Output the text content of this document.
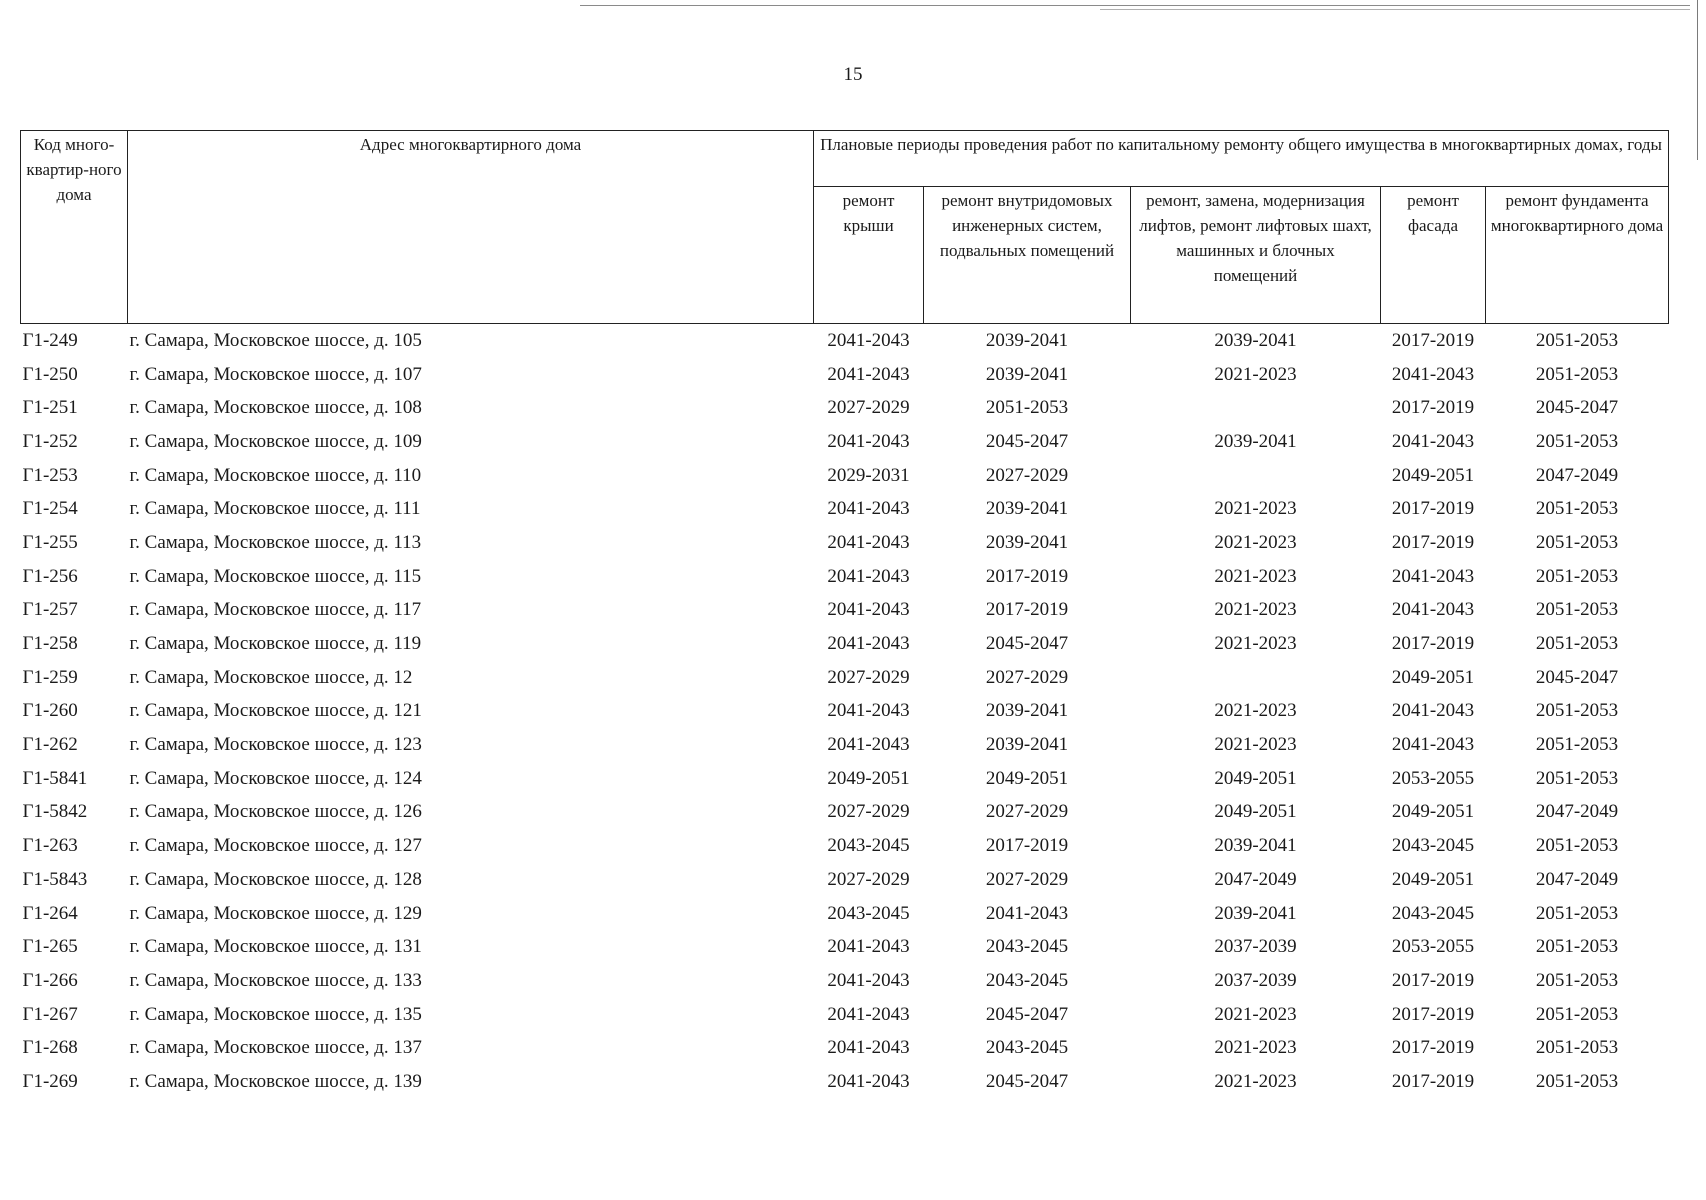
15
Код много-квартир-ного дома	Адрес многоквартирного дома	Плановые периоды проведения работ по капитальному ремонту общего имущества в многоквартирных домах, годы				
		ремонт крыши	ремонт внутридомовых инженерных систем, подвальных помещений	ремонт, замена, модернизация лифтов, ремонт лифтовых шахт, машинных и блочных помещений	ремонт фасада	ремонт фундамента многоквартирного дома
Г1-249	г. Самара, Московское шоссе, д. 105	2041-2043	2039-2041	2039-2041	2017-2019	2051-2053
Г1-250	г. Самара, Московское шоссе, д. 107	2041-2043	2039-2041	2021-2023	2041-2043	2051-2053
Г1-251	г. Самара, Московское шоссе, д. 108	2027-2029	2051-2053		2017-2019	2045-2047
Г1-252	г. Самара, Московское шоссе, д. 109	2041-2043	2045-2047	2039-2041	2041-2043	2051-2053
Г1-253	г. Самара, Московское шоссе, д. 110	2029-2031	2027-2029		2049-2051	2047-2049
Г1-254	г. Самара, Московское шоссе, д. 111	2041-2043	2039-2041	2021-2023	2017-2019	2051-2053
Г1-255	г. Самара, Московское шоссе, д. 113	2041-2043	2039-2041	2021-2023	2017-2019	2051-2053
Г1-256	г. Самара, Московское шоссе, д. 115	2041-2043	2017-2019	2021-2023	2041-2043	2051-2053
Г1-257	г. Самара, Московское шоссе, д. 117	2041-2043	2017-2019	2021-2023	2041-2043	2051-2053
Г1-258	г. Самара, Московское шоссе, д. 119	2041-2043	2045-2047	2021-2023	2017-2019	2051-2053
Г1-259	г. Самара, Московское шоссе, д. 12	2027-2029	2027-2029		2049-2051	2045-2047
Г1-260	г. Самара, Московское шоссе, д. 121	2041-2043	2039-2041	2021-2023	2041-2043	2051-2053
Г1-262	г. Самара, Московское шоссе, д. 123	2041-2043	2039-2041	2021-2023	2041-2043	2051-2053
Г1-5841	г. Самара, Московское шоссе, д. 124	2049-2051	2049-2051	2049-2051	2053-2055	2051-2053
Г1-5842	г. Самара, Московское шоссе, д. 126	2027-2029	2027-2029	2049-2051	2049-2051	2047-2049
Г1-263	г. Самара, Московское шоссе, д. 127	2043-2045	2017-2019	2039-2041	2043-2045	2051-2053
Г1-5843	г. Самара, Московское шоссе, д. 128	2027-2029	2027-2029	2047-2049	2049-2051	2047-2049
Г1-264	г. Самара, Московское шоссе, д. 129	2043-2045	2041-2043	2039-2041	2043-2045	2051-2053
Г1-265	г. Самара, Московское шоссе, д. 131	2041-2043	2043-2045	2037-2039	2053-2055	2051-2053
Г1-266	г. Самара, Московское шоссе, д. 133	2041-2043	2043-2045	2037-2039	2017-2019	2051-2053
Г1-267	г. Самара, Московское шоссе, д. 135	2041-2043	2045-2047	2021-2023	2017-2019	2051-2053
Г1-268	г. Самара, Московское шоссе, д. 137	2041-2043	2043-2045	2021-2023	2017-2019	2051-2053
Г1-269	г. Самара, Московское шоссе, д. 139	2041-2043	2045-2047	2021-2023	2017-2019	2051-2053
